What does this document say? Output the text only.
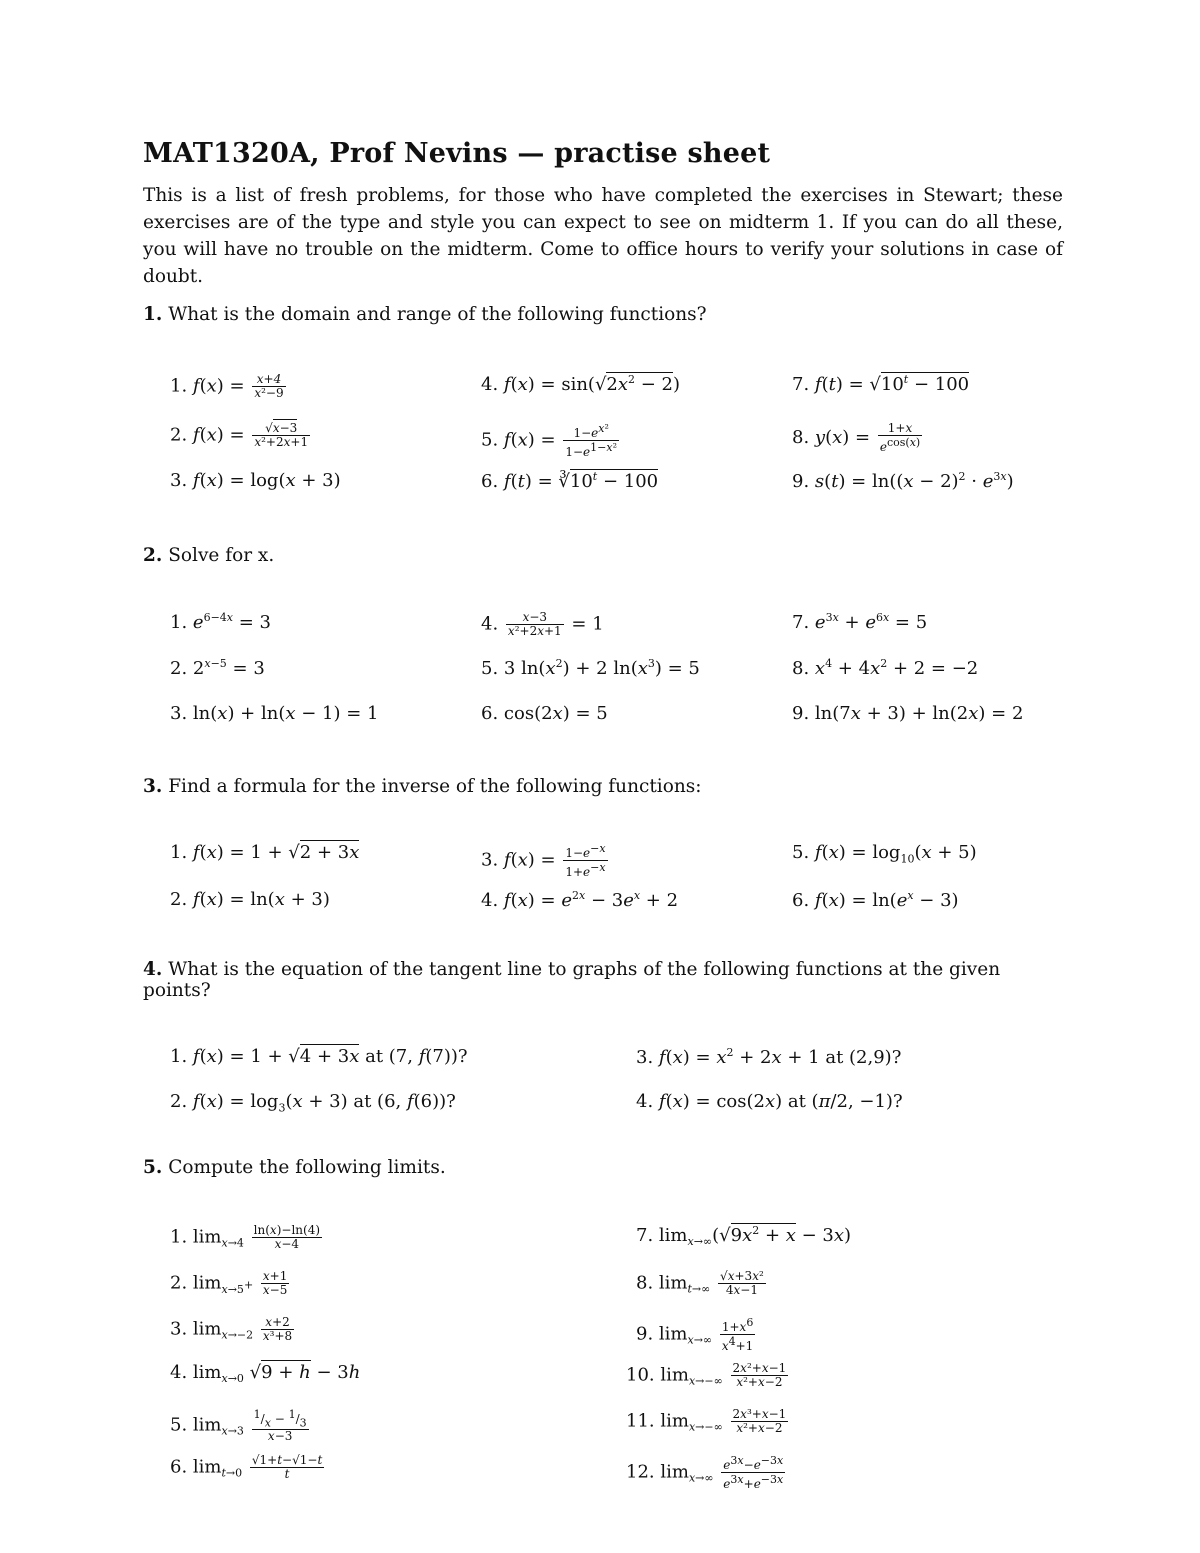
MAT1320A, Prof Nevins — practise sheet
This is a list of fresh problems, for those who have completed the exercises in Stewart; these exercises are of the type and style you can expect to see on midterm 1. If you can do all these, you will have no trouble on the midterm. Come to office hours to verify your solutions in case of doubt.
1. What is the domain and range of the following functions?
1. $f(x) = \frac{x+4}{\text{x²−9}}$
2. $f(x) = \frac{√x-3}{\text{x²+2x+1}}$
3. f(x) = log(x + 3)
4. $f(x) = \sin(√2x^2 - 2)$
5. $f(x) = \frac{1-e^{x^2}}{1-e^{1-x^2}}$
6. $f(t) = ∛10^t - 100$
7. $f(t) = √10^t - 100$
8. $y(x) = \frac{1+x}{e^{cos(x)}}$
9. $s(t) = \ln((x - 2)^2 \cdot e^{3x})$
2. Solve for x.
1. $e^{6-4x} = 3$
2. $2^{x-5} = 3$
3. ln(x) + ln(x − 1) = 1
4. $\frac{x-3}{\text{x²+2x+1}} = 1$
5. 3 $\ln(x^2) + 2$ $\ln(x^3) = 5$
6. cos(2x) = 5
7. $e^{3x} + e^{6x} = 5$
8. $x^4 + 4x^2 + 2 = -2$
9. ln(7x + 3) + ln(2x) = 2
3. Find a formula for the inverse of the following functions:
1. f(x) = 1 + √2 + 3x
2. f(x) = ln(x + 3)
3. $f(x) = \frac{1-e^{-x}}{1+e^{-x}}$
4. $f(x) = e^{2x} - 3e^x + 2$
5. $f(x) = \log_{10}(x + 5)$
6. $f(x) = \ln(e^x - 3)$
4. What is the equation of the tangent line to graphs of the following functions at the given points?
1. f(x) = 1 + √4 + 3x at (7, f(7))?
2. $f(x) = \log_3(x + 3)$ at (6, f(6))?
3. $f(x) = x^2 + 2x + 1$ at (2,9)?
4. f(x) = cos(2x) at (π/2, −1)?
5. Compute the following limits.
1. $\lim_{x\to 4} \frac{\ln(x)-\ln(4)}{x-4}$
2. $\lim_{x\to 5^+} \frac{x+1}{x-5}$
3. $\lim_{x\to-2} \frac{x+2}{\text{x³+8}}$
4. $\lim_{x\to 0} √9 + h - 3h$
5. $\lim_{x\to 3} \frac{^1/_x - ^1/_3}{x-3}$
6. $\lim_{t\to 0} \frac{√1+t-√1-t}{t}$
7. $\lim_{x\to\infty}(√9x^2 + x - 3x)$
8. $\lim_{t\to\infty} \frac{\text{√x+3x²}}{4x-1}$
9. $\lim_{x\to\infty} \frac{1+x^6}{x^4+1}$
10. $\lim_{x\to-\infty} \frac{\text{2x²+x−1}}{\text{x²+x−2}}$
11. $\lim_{x\to-\infty} \frac{\text{2x³+x−1}}{\text{x²+x−2}}$
12. $\lim_{x\to\infty} \frac{e^{3x}-e^{-3x}}{e^{3x}+e^{-3x}}$
